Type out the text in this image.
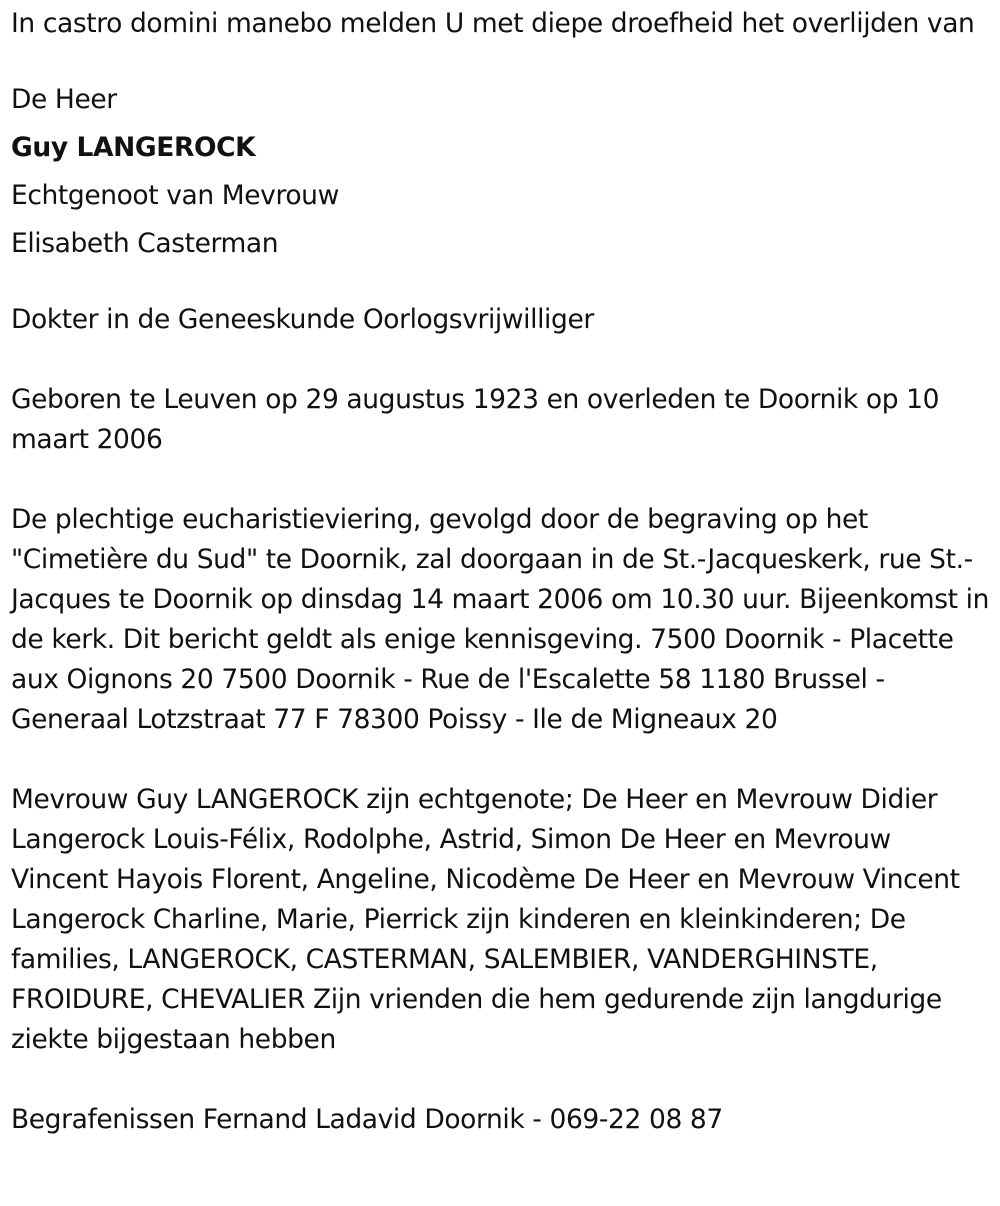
In castro domini manebo melden U met diepe droefheid het overlijden van

De Heer

Guy LANGEROCK

Echtgenoot van Mevrouw

Elisabeth Casterman

Dokter in de Geneeskunde Oorlogsvrijwilliger

Geboren te Leuven op 29 augustus 1923 en overleden te Doornik op 10 maart 2006

De plechtige eucharistieviering, gevolgd door de begraving op het "Cimetière du Sud" te Doornik, zal doorgaan in de St.-Jacqueskerk, rue St.-Jacques te Doornik op dinsdag 14 maart 2006 om 10.30 uur. Bijeenkomst in de kerk. Dit bericht geldt als enige kennisgeving. 7500 Doornik - Placette aux Oignons 20 7500 Doornik - Rue de l'Escalette 58 1180 Brussel - Generaal Lotzstraat 77 F 78300 Poissy - Ile de Migneaux 20

Mevrouw Guy LANGEROCK zijn echtgenote; De Heer en Mevrouw Didier Langerock Louis-Félix, Rodolphe, Astrid, Simon De Heer en Mevrouw Vincent Hayois Florent, Angeline, Nicodème De Heer en Mevrouw Vincent Langerock Charline, Marie, Pierrick zijn kinderen en kleinkinderen; De families, LANGEROCK, CASTERMAN, SALEMBIER, VANDERGHINSTE, FROIDURE, CHEVALIER Zijn vrienden die hem gedurende zijn langdurige ziekte bijgestaan hebben

Begrafenissen Fernand Ladavid Doornik - 069-22 08 87
